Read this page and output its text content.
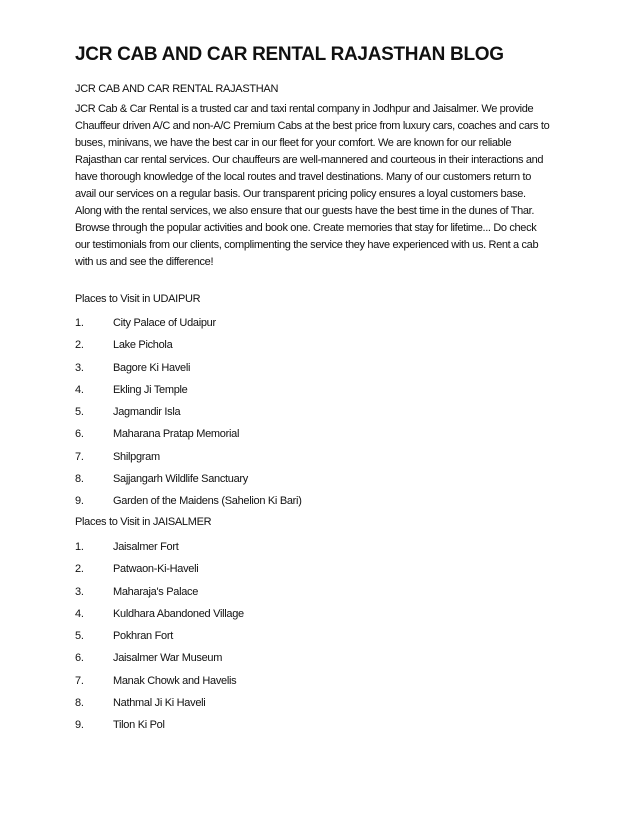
JCR CAB AND CAR RENTAL RAJASTHAN BLOG

JCR CAB AND CAR RENTAL RAJASTHAN

JCR Cab & Car Rental is a trusted car and taxi rental company in Jodhpur and Jaisalmer. We provide
Chauffeur driven A/C and non-A/C Premium Cabs at the best price from luxury cars, coaches and cars to
buses, minivans, we have the best car in our fleet for your comfort. We are known for our reliable
Rajasthan car rental services. Our chauffeurs are well-mannered and courteous in their interactions and
have thorough knowledge of the local routes and travel destinations. Many of our customers return to
avail our services on a regular basis. Our transparent pricing policy ensures a loyal customers base.
Along with the rental services, we also ensure that our guests have the best time in the dunes of Thar.
Browse through the popular activities and book one. Create memories that stay for lifetime... Do check
our testimonials from our clients, complimenting the service they have experienced with us. Rent a cab
with us and see the difference!
Places to Visit in UDAIPUR
1.	City Palace of Udaipur
2.	Lake Pichola
3.	Bagore Ki Haveli
4.	Ekling Ji Temple
5.	Jagmandir Isla
6.	Maharana Pratap Memorial
7.	Shilpgram
8.	Sajjangarh Wildlife Sanctuary
9.	Garden of the Maidens (Sahelion Ki Bari)
Places to Visit in JAISALMER
1.	Jaisalmer Fort
2.	Patwaon-Ki-Haveli
3.	Maharaja's Palace
4.	Kuldhara Abandoned Village
5.	Pokhran Fort
6.	Jaisalmer War Museum
7.	Manak Chowk and Havelis
8.	Nathmal Ji Ki Haveli
9.	Tilon Ki Pol
